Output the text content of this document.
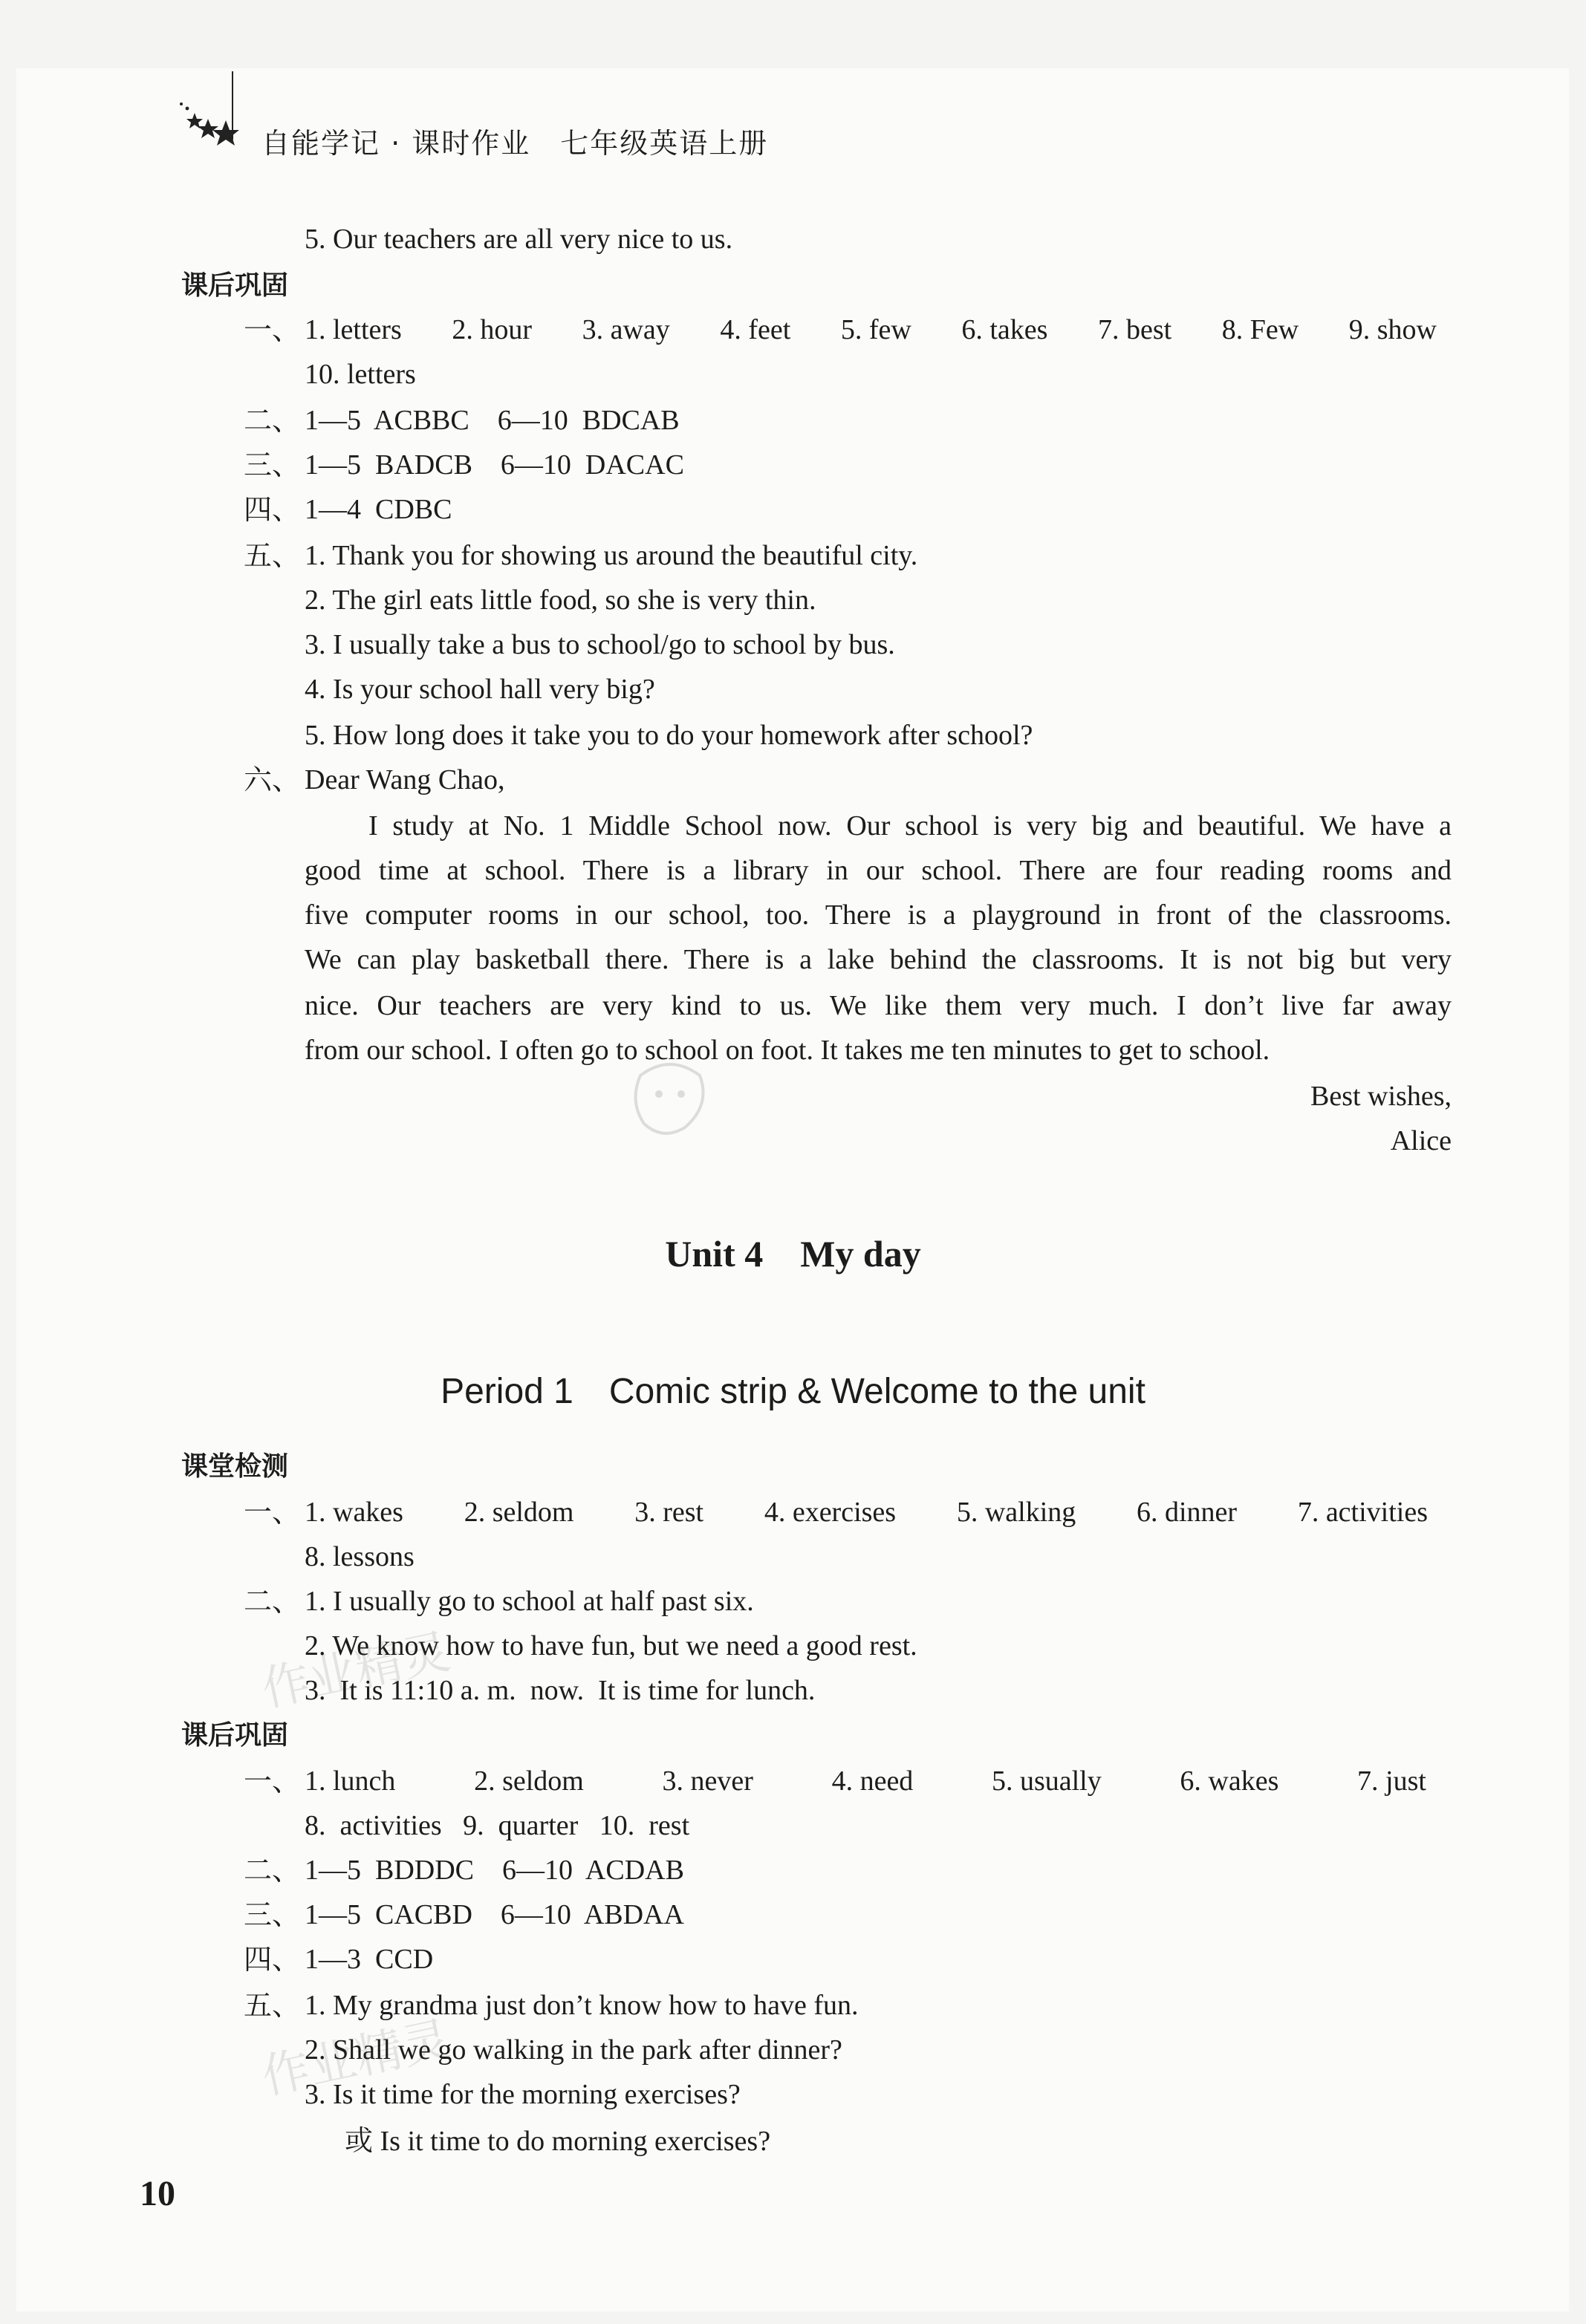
自能学记 · 课时作业　七年级英语上册
5. Our teachers are all very nice to us.
课后巩固
一、 1. letters 2. hour 3. away 4. feet 5. few 6. takes 7. best 8. Few 9. show
10. letters
二、 1—5  ACBBC    6—10  BDCAB
三、 1—5  BADCB    6—10  DACAC
四、 1—4  CDBC
五、 1. Thank you for showing us around the beautiful city.
2. The girl eats little food, so she is very thin.
3. I usually take a bus to school/go to school by bus.
4. Is your school hall very big?
5. How long does it take you to do your homework after school?
六、 Dear Wang Chao,
I study at No. 1 Middle School now. Our school is very big and beautiful. We have a
good time at school. There is a library in our school. There are four reading rooms and
five computer rooms in our school, too. There is a playground in front of the classrooms.
We can play basketball there. There is a lake behind the classrooms. It is not big but very
nice. Our teachers are very kind to us. We like them very much. I don’t live far away
from our school. I often go to school on foot. It takes me ten minutes to get to school.
Best wishes,
Alice
Unit 4　My day
Period 1　Comic strip & Welcome to the unit
课堂检测
一、 1. wakes 2. seldom 3. rest 4. exercises 5. walking 6. dinner 7. activities
8. lessons
二、 1. I usually go to school at half past six.
2. We know how to have fun, but we need a good rest.
3.  It is 11:10 a. m.  now.  It is time for lunch.
课后巩固
一、 1. lunch	2. seldom	3. never	4. need	5. usually	6. wakes	7. just
8.  activities   9.  quarter   10.  rest
二、 1—5  BDDDC    6—10  ACDAB
三、 1—5  CACBD    6—10  ABDAA
四、 1—3  CCD
五、 1. My grandma just don’t know how to have fun.
2. Shall we go walking in the park after dinner?
3. Is it time for the morning exercises?
或 Is it time to do morning exercises?
10
作业精灵
作业精灵
